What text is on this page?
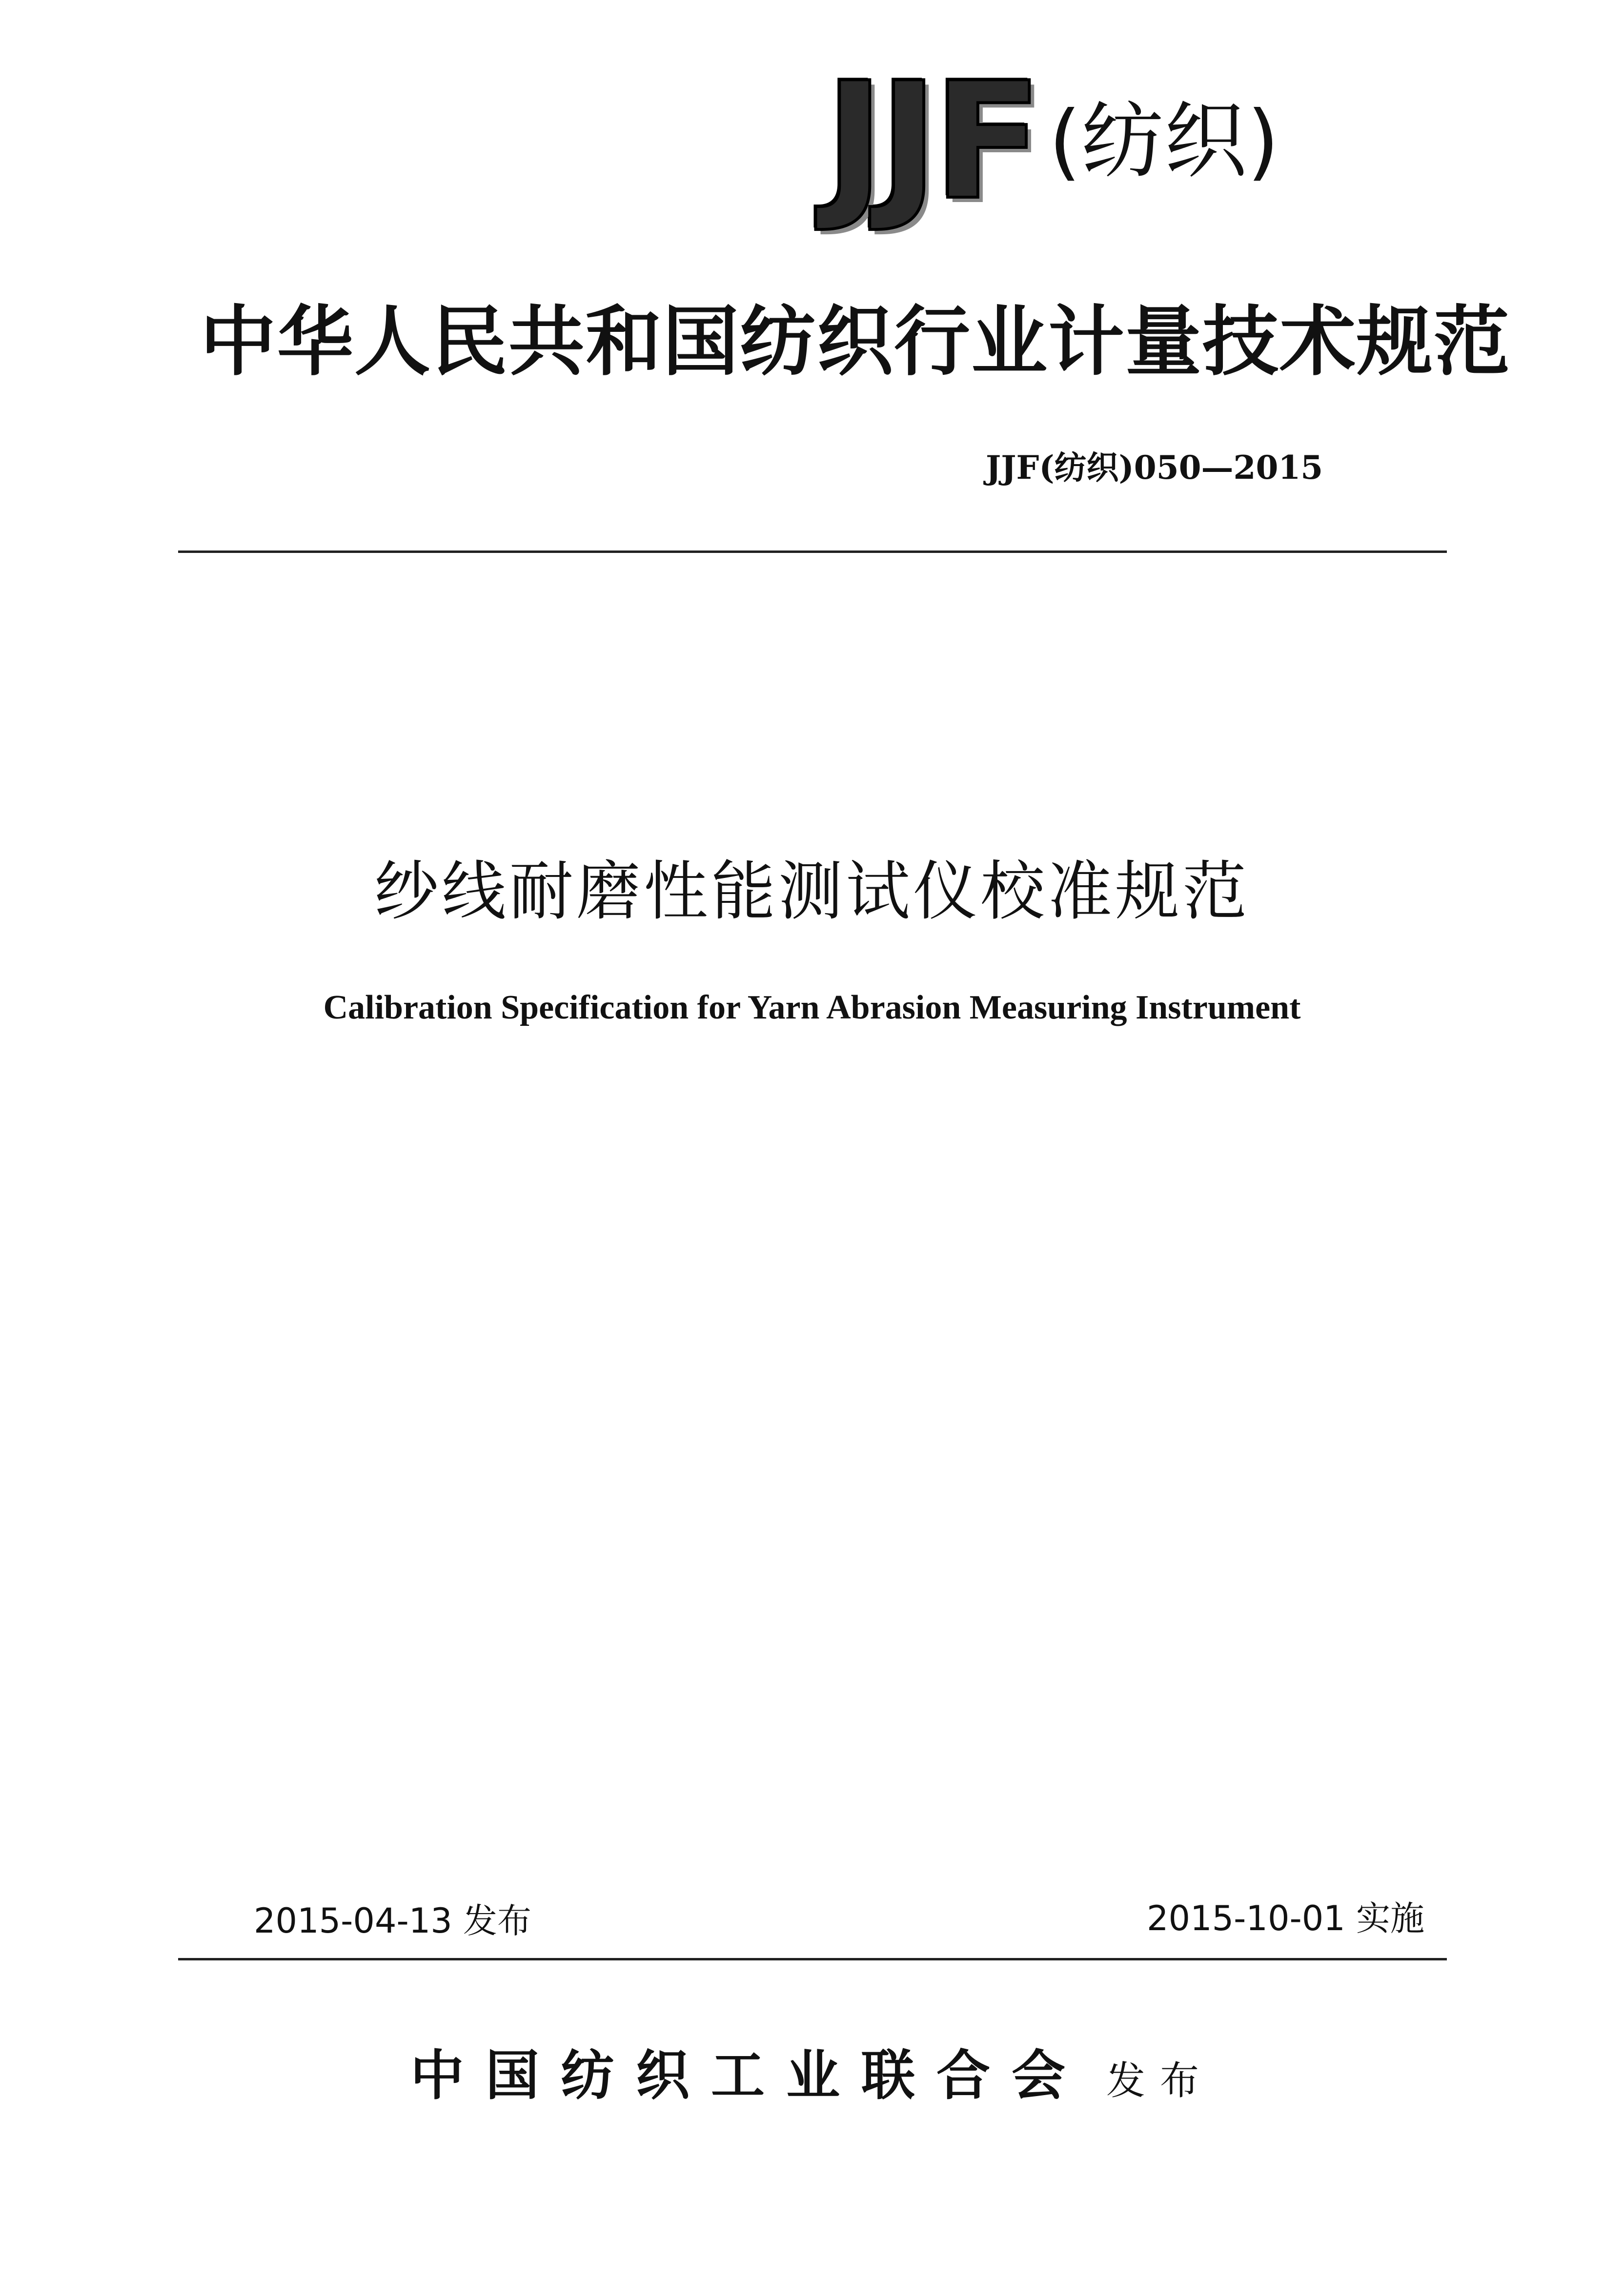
JJF (纺织)
中华人民共和国纺织行业计量技术规范
JJF(纺织)050—2015
纱线耐磨性能测试仪校准规范
Calibration Specification for Yarn Abrasion Measuring Instrument
2015-04-13 发布	2015-10-01 实施
中国纺织工业联合会 发布
